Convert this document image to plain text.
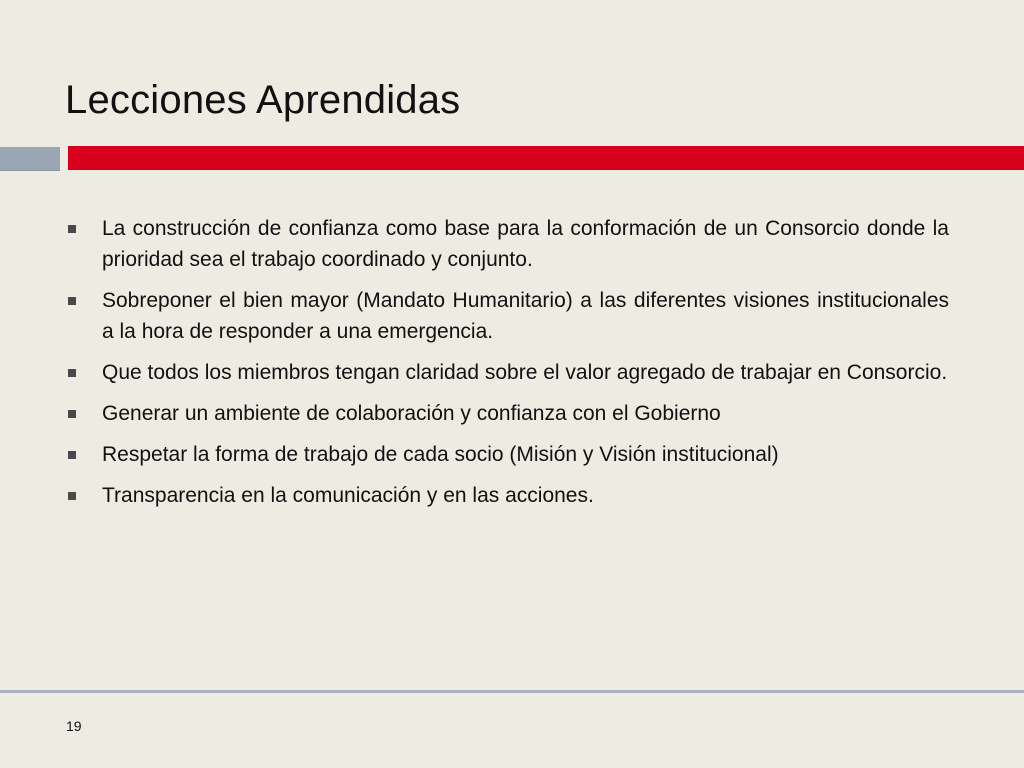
Lecciones Aprendidas
La construcción de confianza como base para la conformación de un Consorcio donde la prioridad sea el trabajo coordinado y conjunto.
Sobreponer el bien mayor (Mandato Humanitario) a las diferentes visiones institucionales a la hora de responder a una emergencia.
Que todos los miembros tengan claridad sobre el valor agregado de trabajar en Consorcio.
Generar un ambiente de colaboración y confianza con el Gobierno
Respetar la forma de trabajo de cada socio (Misión y Visión institucional)
Transparencia en la comunicación y en las acciones.
19
